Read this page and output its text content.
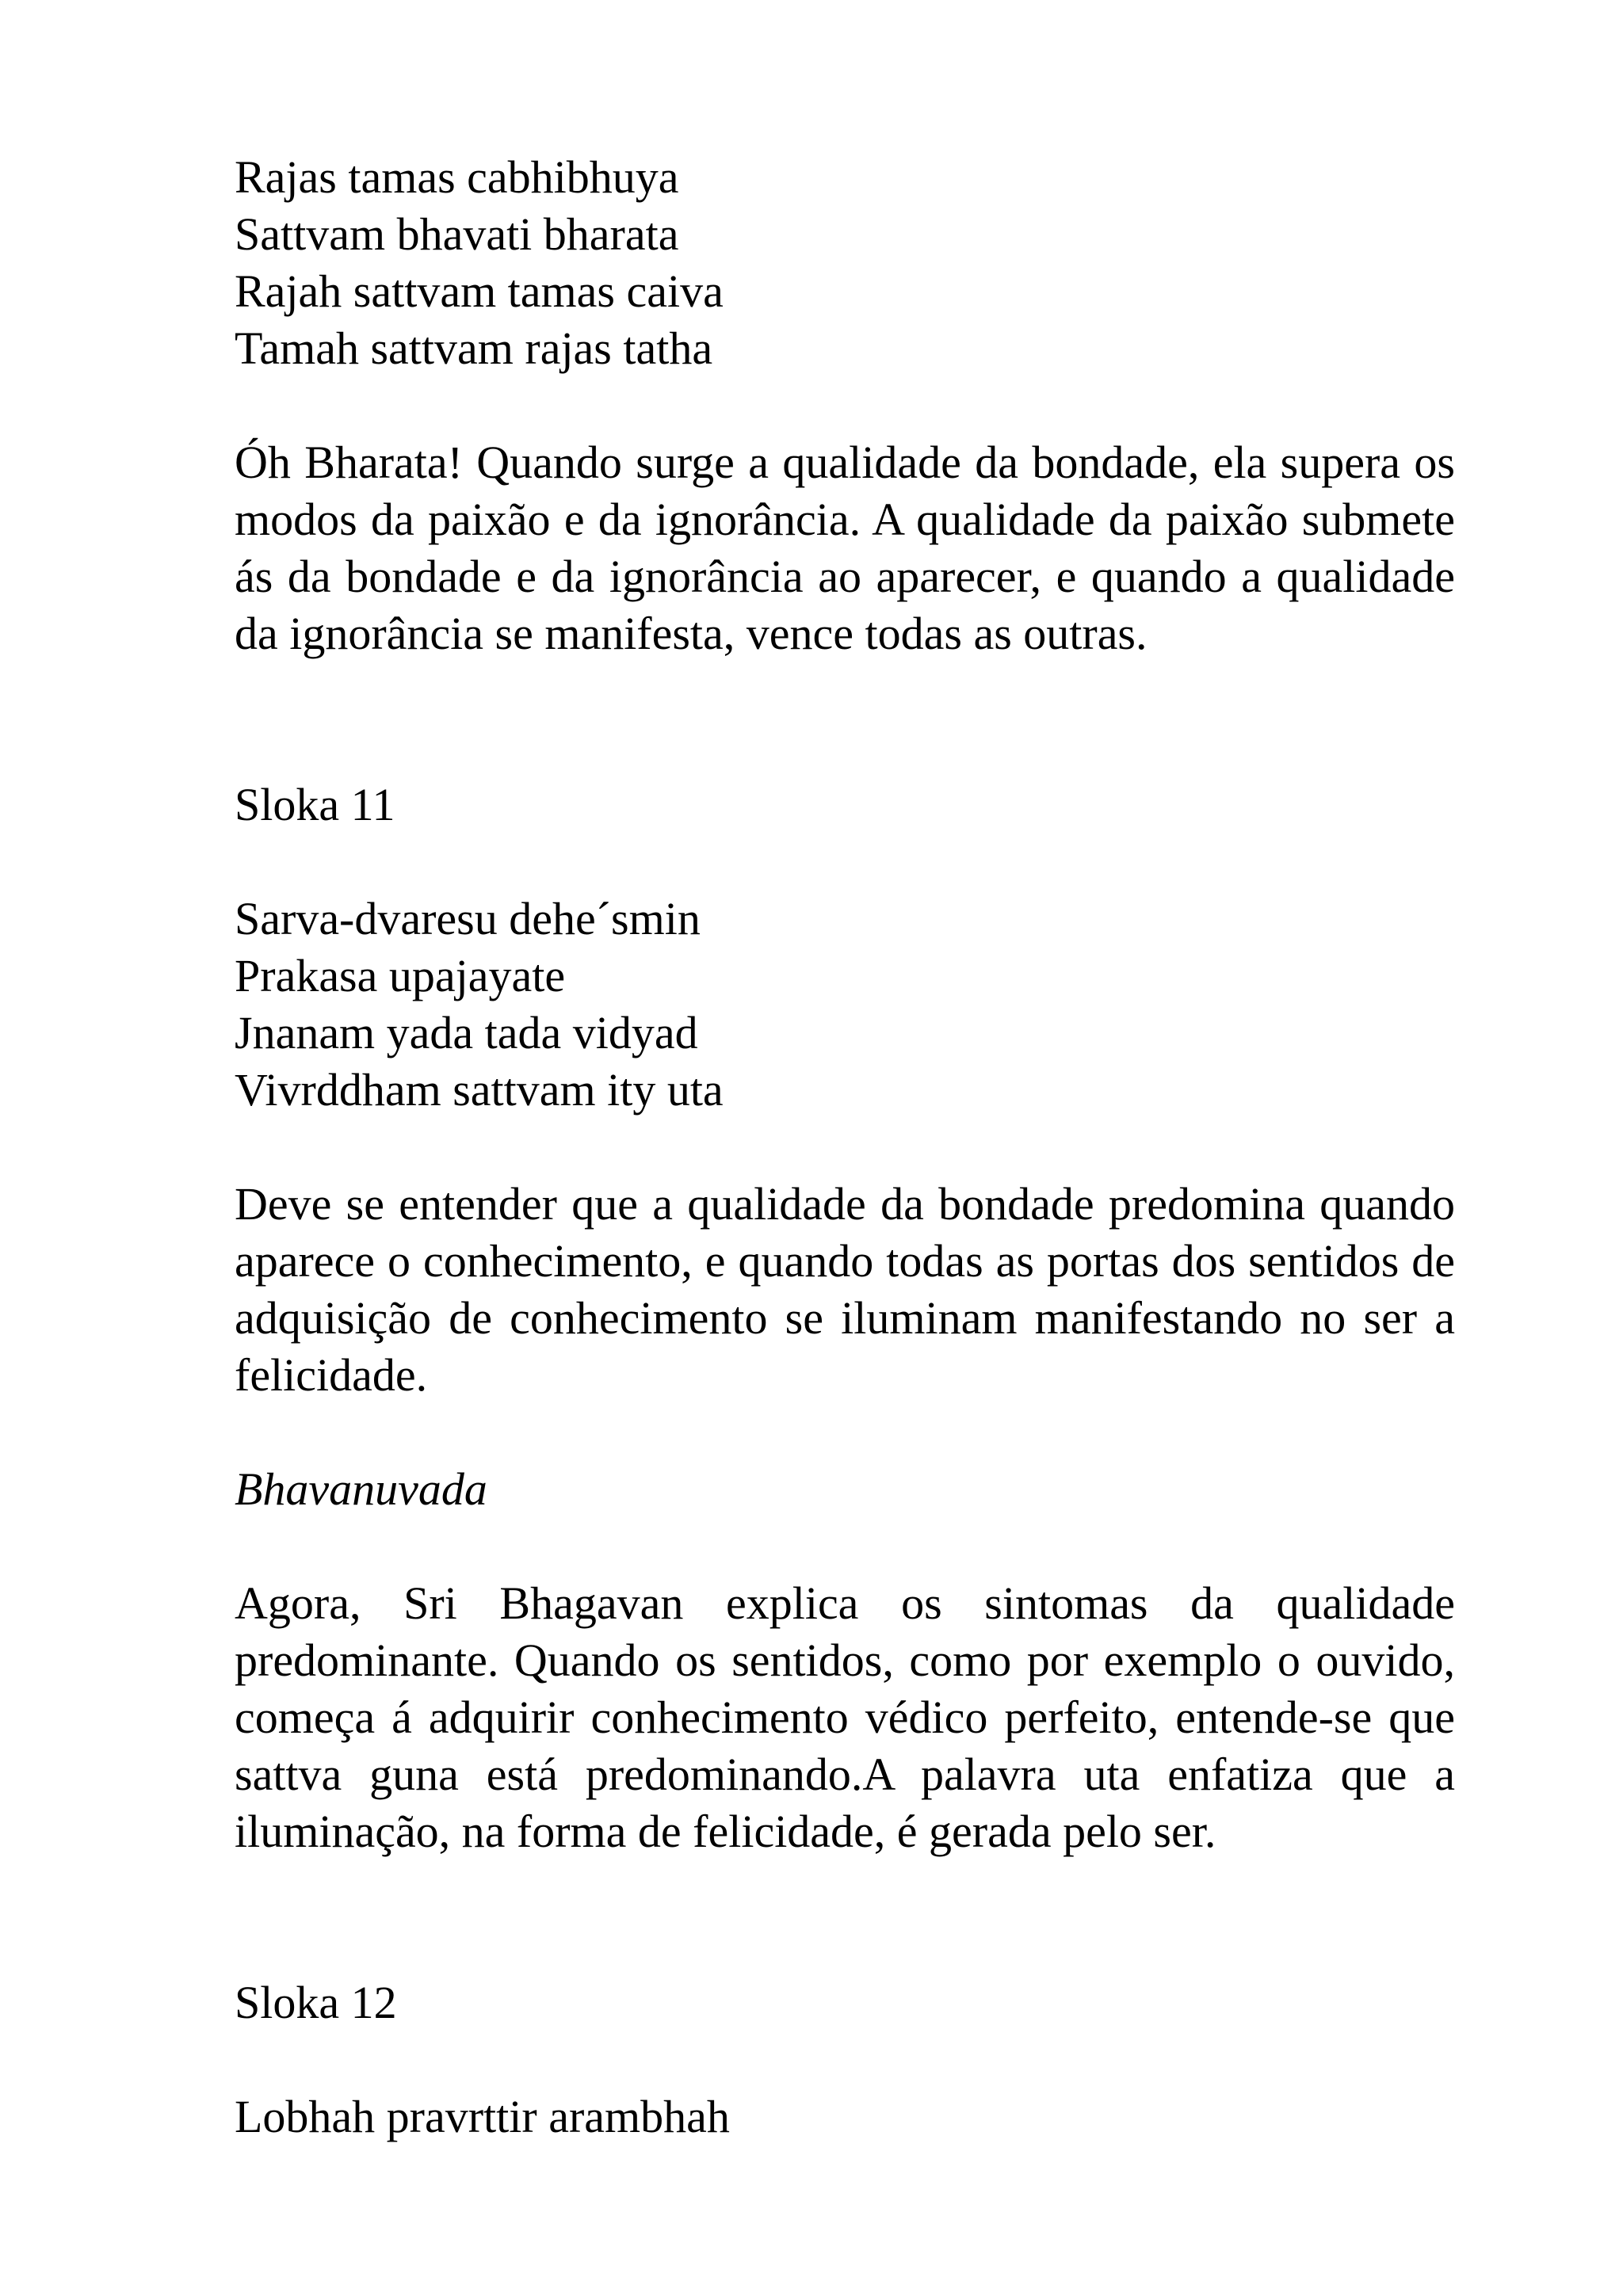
Rajas tamas cabhibhuya
Sattvam bhavati bharata
Rajah sattvam tamas caiva
Tamah sattvam rajas tatha

Óh Bharata! Quando surge a qualidade da bondade, ela supera os modos da paixão e da ignorância. A qualidade da paixão submete ás da bondade e da ignorância ao aparecer, e quando a qualidade da ignorância se manifesta, vence todas as outras.

Sloka 11
Sarva-dvaresu dehe´smin
Prakasa upajayate
Jnanam yada tada vidyad
Vivrddham sattvam ity uta

Deve se entender que a qualidade da bondade predomina quando aparece o conhecimento, e quando todas as portas dos sentidos de adquisição de conhecimento se iluminam manifestando no ser a felicidade.

Bhavanuvada

Agora, Sri Bhagavan explica os sintomas da qualidade predominante. Quando os sentidos, como por exemplo o ouvido, começa á adquirir conhecimento védico perfeito, entende-se que sattva guna está predominando.A palavra uta enfatiza que a iluminação, na forma de felicidade, é gerada pelo ser.

Sloka 12
Lobhah pravrttir arambhah
